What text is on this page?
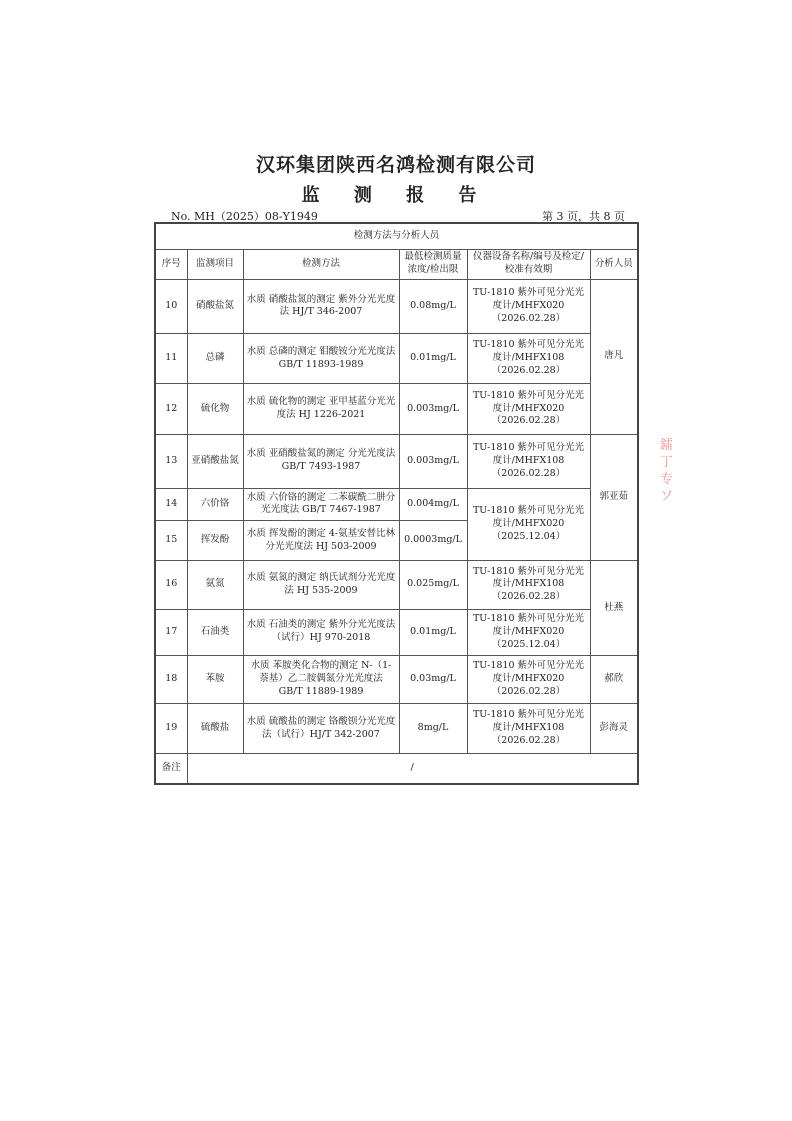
汉环集团陕西名鸿检测有限公司
监 测 报 告
No. MH（2025）08-Y1949	第 3 页，共 8 页
检测方法与分析人员					
序号	监测项目	检测方法	最低检测质量浓度/检出限	仪器设备名称/编号及检定/校准有效期	分析人员
10	硝酸盐氮	水质 硝酸盐氮的测定 紫外分光光度法 HJ/T 346-2007	0.08mg/L	TU-1810 紫外可见分光光度计/MHFX020（2026.02.28）	唐凡
11	总磷	水质 总磷的测定 钼酸铵分光光度法 GB/T 11893-1989	0.01mg/L	TU-1810 紫外可见分光光度计/MHFX108（2026.02.28）	
12	硫化物	水质 硫化物的测定 亚甲基蓝分光光度法 HJ 1226-2021	0.003mg/L	TU-1810 紫外可见分光光度计/MHFX020（2026.02.28）	
13	亚硝酸盐氮	水质 亚硝酸盐氮的测定 分光光度法 GB/T 7493-1987	0.003mg/L	TU-1810 紫外可见分光光度计/MHFX108（2026.02.28）	郭亚茹
14	六价铬	水质 六价铬的测定 二苯碳酰二肼分光光度法 GB/T 7467-1987	0.004mg/L	TU-1810 紫外可见分光光度计/MHFX020（2025.12.04）	
15	挥发酚	水质 挥发酚的测定 4-氨基安替比林分光光度法 HJ 503-2009	0.0003mg/L		
16	氨氮	水质 氨氮的测定 纳氏试剂分光光度法 HJ 535-2009	0.025mg/L	TU-1810 紫外可见分光光度计/MHFX108（2026.02.28）	杜燕
17	石油类	水质 石油类的测定 紫外分光光度法（试行）HJ 970-2018	0.01mg/L	TU-1810 紫外可见分光光度计/MHFX020（2025.12.04）	
18	苯胺	水质 苯胺类化合物的测定 N-（1-萘基）乙二胺偶氮分光光度法 GB/T 11889-1989	0.03mg/L	TU-1810 紫外可见分光光度计/MHFX020（2026.02.28）	郝欣
19	硫酸盐	水质 硫酸盐的测定 铬酸钡分光光度法（试行）HJ/T 342-2007	8mg/L	TU-1810 紫外可见分光光度计/MHFX108（2026.02.28）	彭海灵
备注	/				
鐳 丁 专 ソ
